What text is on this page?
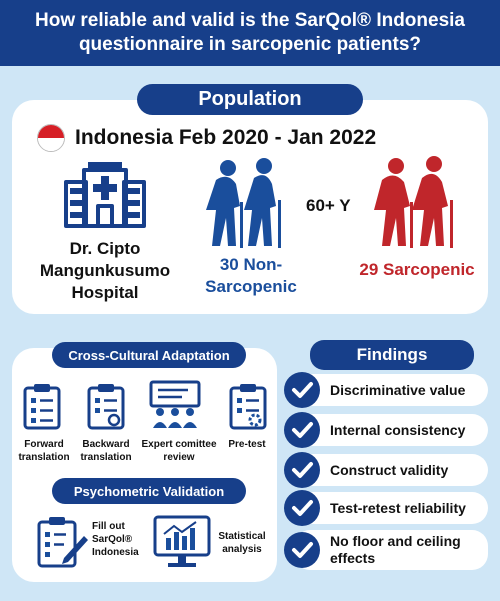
How reliable and valid is the SarQol® Indonesia
questionnaire in sarcopenic patients?
Population
Indonesia Feb 2020 - Jan 2022
Dr. Cipto
Mangunkusumo
Hospital
30 Non-
Sarcopenic
60+ Y
29 Sarcopenic
Cross-Cultural Adaptation
Forward
translation
Backward
translation
Expert comittee
review
Pre-test
Psychometric Validation
Fill out
SarQol®
Indonesia
Statistical
analysis
Findings
Discriminative value
Internal consistency
Construct validity
Test-retest reliability
No floor and ceiling
effects
